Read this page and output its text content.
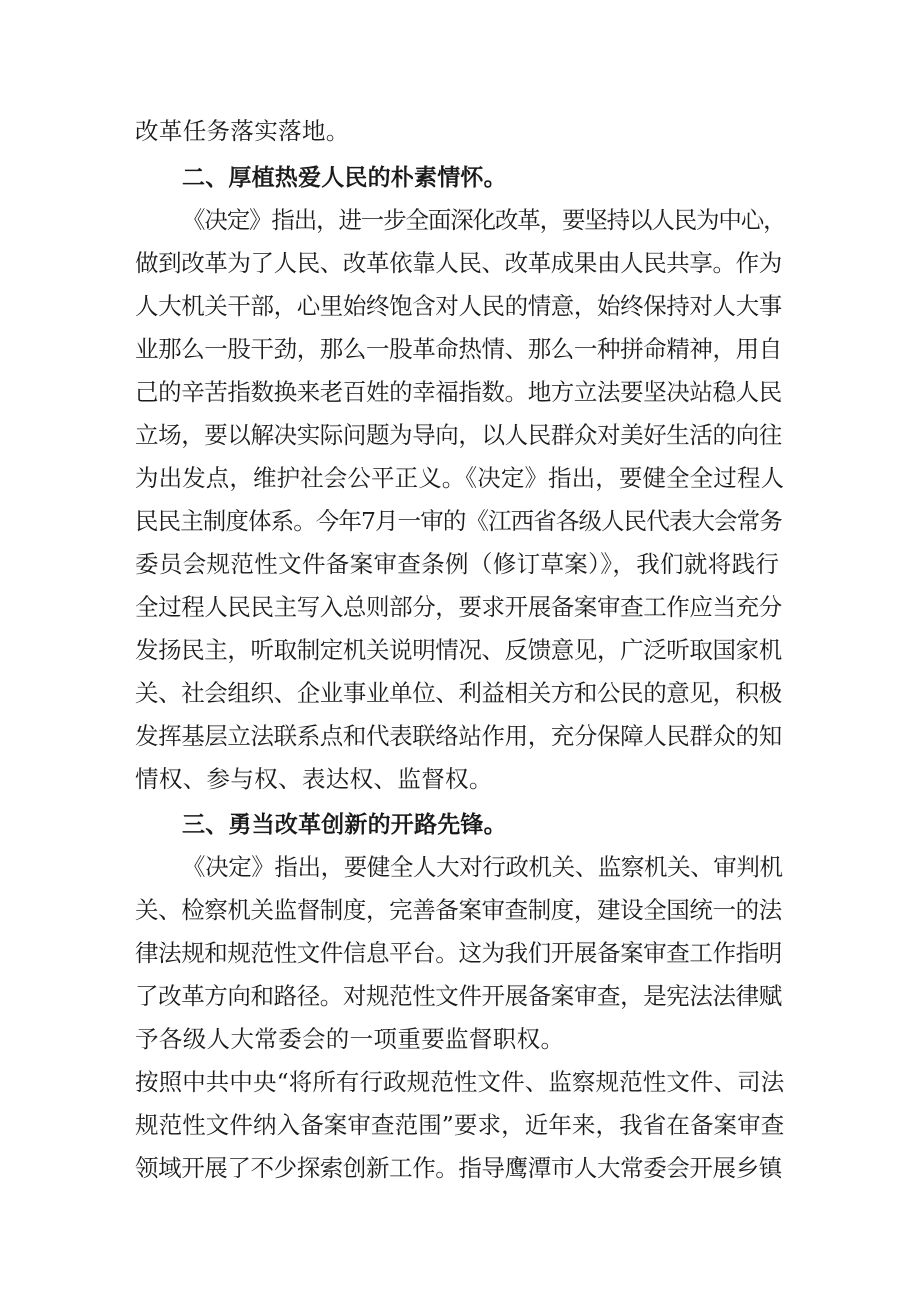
改革任务落实落地。
二、厚植热爱人民的朴素情怀。
《决定》指出，进一步全面深化改革，要坚持以人民为中心，
做到改革为了人民、改革依靠人民、改革成果由人民共享。作为
人大机关干部，心里始终饱含对人民的情意，始终保持对人大事
业那么一股干劲，那么一股革命热情、那么一种拼命精神，用自
己的辛苦指数换来老百姓的幸福指数。地方立法要坚决站稳人民
立场，要以解决实际问题为导向，以人民群众对美好生活的向往
为出发点，维护社会公平正义。《决定》指出，要健全全过程人
民民主制度体系。今年7月一审的《江西省各级人民代表大会常务
委员会规范性文件备案审查条例（修订草案）》，我们就将践行
全过程人民民主写入总则部分，要求开展备案审查工作应当充分
发扬民主，听取制定机关说明情况、反馈意见，广泛听取国家机
关、社会组织、企业事业单位、利益相关方和公民的意见，积极
发挥基层立法联系点和代表联络站作用，充分保障人民群众的知
情权、参与权、表达权、监督权。
三、勇当改革创新的开路先锋。
《决定》指出，要健全人大对行政机关、监察机关、审判机
关、检察机关监督制度，完善备案审查制度，建设全国统一的法
律法规和规范性文件信息平台。这为我们开展备案审查工作指明
了改革方向和路径。对规范性文件开展备案审查，是宪法法律赋
予各级人大常委会的一项重要监督职权。
按照中共中央“将所有行政规范性文件、监察规范性文件、司法
规范性文件纳入备案审查范围”要求，近年来，我省在备案审查
领域开展了不少探索创新工作。指导鹰潭市人大常委会开展乡镇
